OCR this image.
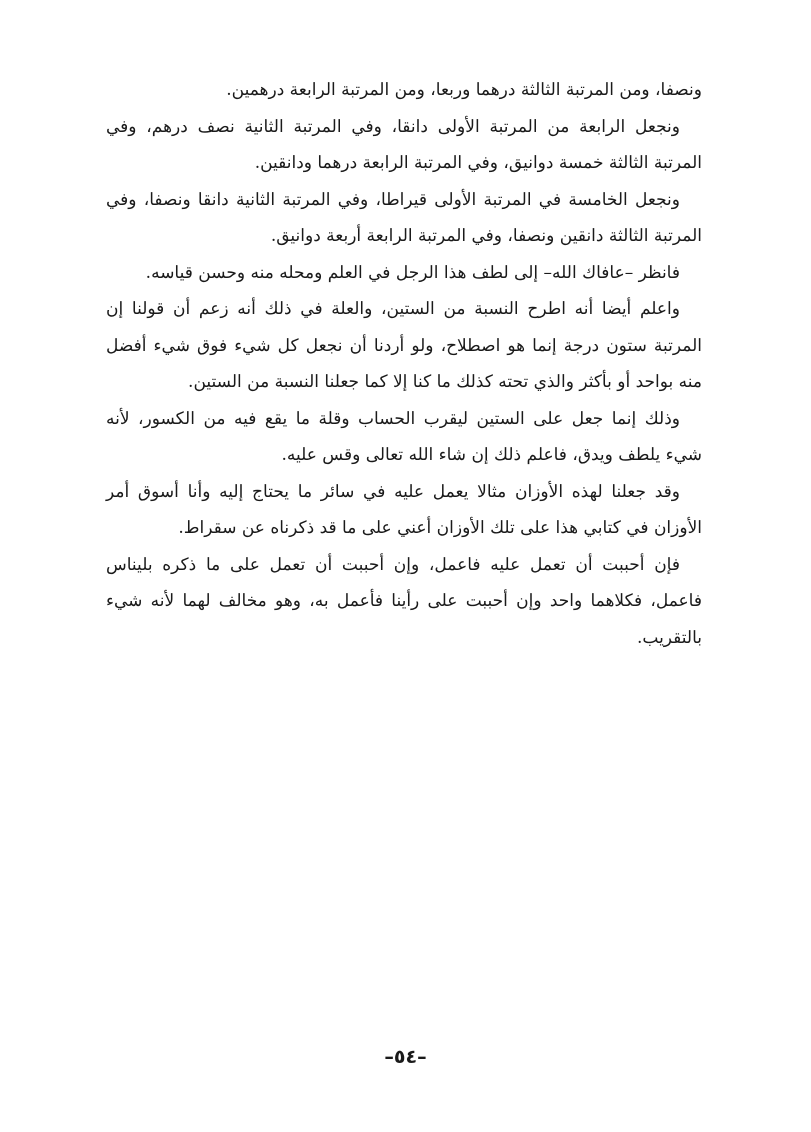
ونصفا، ومن المرتبة الثالثة درهما وربعا، ومن المرتبة الرابعة درهمين.

ونجعل الرابعة من المرتبة الأولى دانقا، وفي المرتبة الثانية نصف درهم، وفي المرتبة الثالثة خمسة دوانيق، وفي المرتبة الرابعة درهما ودانقين.

ونجعل الخامسة في المرتبة الأولى قيراطا، وفي المرتبة الثانية دانقا ونصفا، وفي المرتبة الثالثة دانقين ونصفا، وفي المرتبة الرابعة أربعة دوانيق.

فانظر –عافاك الله– إلى لطف هذا الرجل في العلم ومحله منه وحسن قياسه.

واعلم أيضا أنه اطرح النسبة من الستين، والعلة في ذلك أنه زعم أن قولنا إن المرتبة ستون درجة إنما هو اصطلاح، ولو أردنا أن نجعل كل شيء فوق شيء أفضل منه بواحد أو بأكثر والذي تحته كذلك ما كنا إلا كما جعلنا النسبة من الستين.

وذلك إنما جعل على الستين ليقرب الحساب وقلة ما يقع فيه من الكسور، لأنه شيء يلطف ويدق، فاعلم ذلك إن شاء الله تعالى وقس عليه.

وقد جعلنا لهذه الأوزان مثالا يعمل عليه في سائر ما يحتاج إليه وأنا أسوق أمر الأوزان في كتابي هذا على تلك الأوزان أعني على ما قد ذكرناه عن سقراط.

فإن أحببت أن تعمل عليه فاعمل، وإن أحببت أن تعمل على ما ذكره بليناس فاعمل، فكلاهما واحد وإن أحببت على رأينا فأعمل به، وهو مخالف لهما لأنه شيء بالتقريب.

–٥٤–
